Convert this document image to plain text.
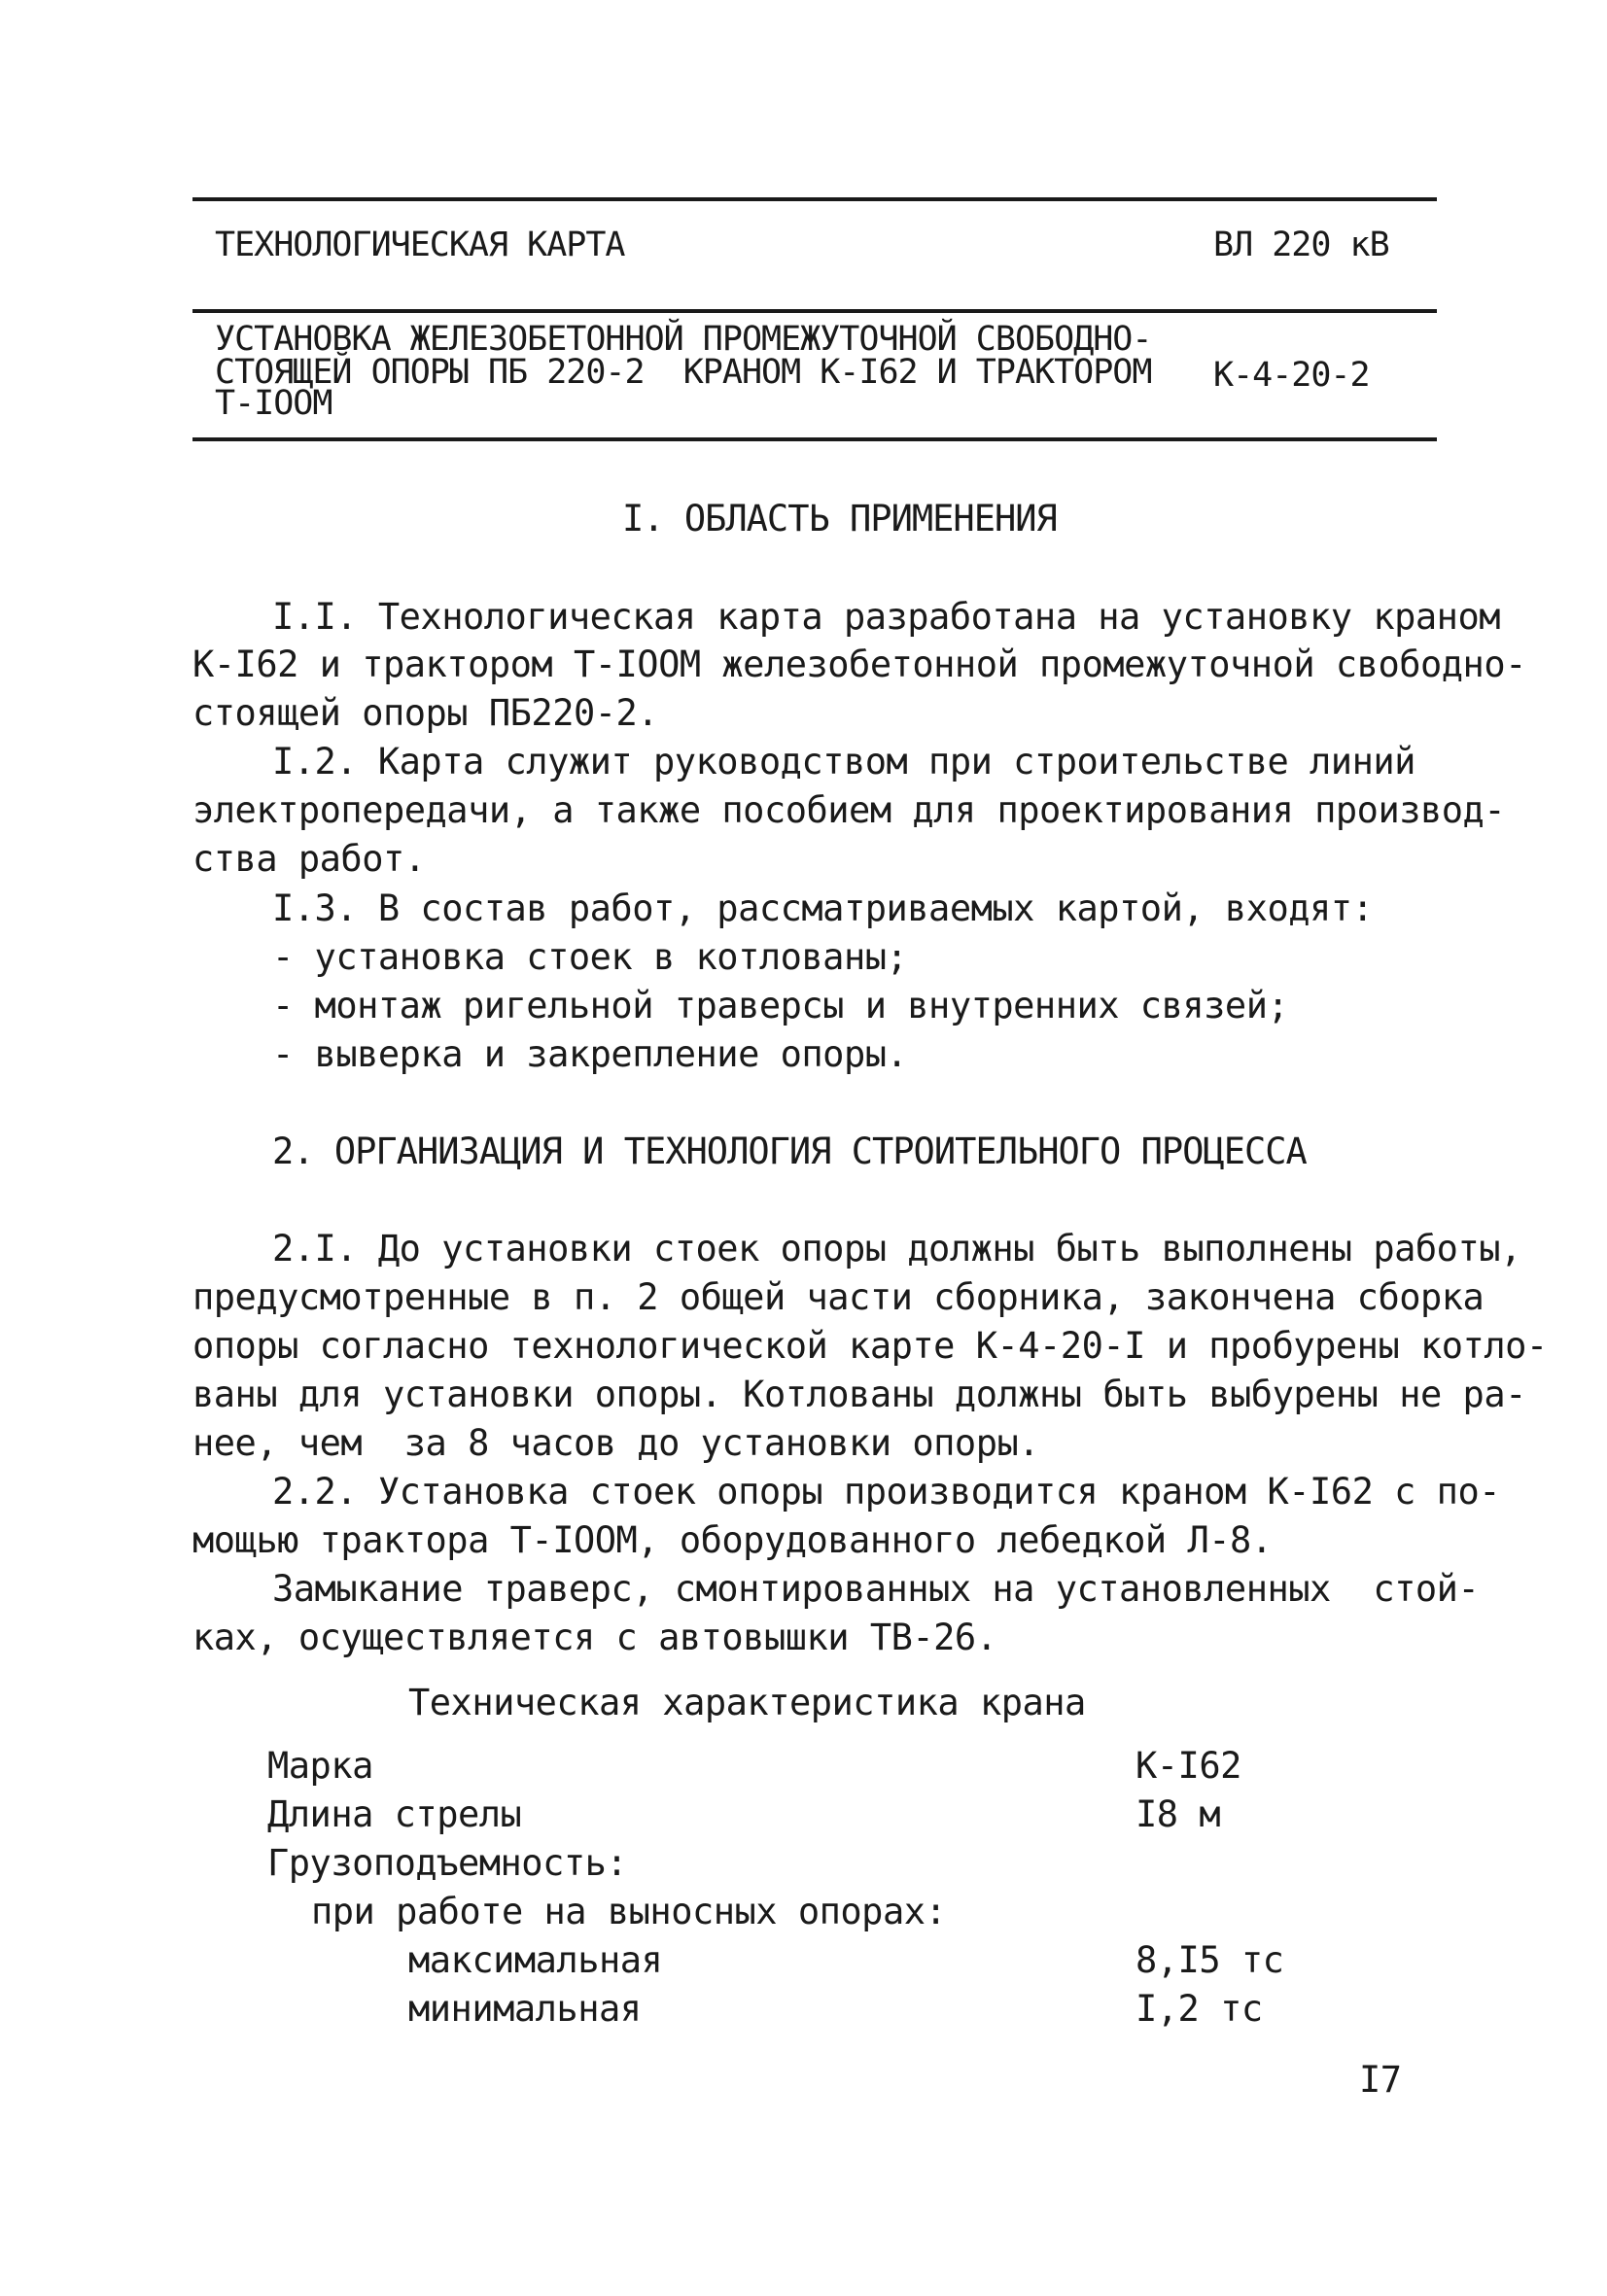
ТЕХНОЛОГИЧЕСКАЯ КАРТА	ВЛ 220 кВ
УСТАНОВКА ЖЕЛЕЗОБЕТОННОЙ ПРОМЕЖУТОЧНОЙ СВОБОДНО-
СТОЯЩЕЙ ОПОРЫ ПБ 220-2  КРАНОМ К-I62 И ТРАКТОРОМ
Т-IООМ
К-4-20-2
I. ОБЛАСТЬ ПРИМЕНЕНИЯ
I.I. Технологическая карта разработана на установку краном
К-I62 и трактором Т-IООМ железобетонной промежуточной свободно-
стоящей опоры ПБ220-2.
I.2. Карта служит руководством при строительстве линий
электропередачи, а также пособием для проектирования производ-
ства работ.
I.3. В состав работ, рассматриваемых картой, входят:
- установка стоек в котлованы;
- монтаж ригельной траверсы и внутренних связей;
- выверка и закрепление опоры.
2. ОРГАНИЗАЦИЯ И ТЕХНОЛОГИЯ СТРОИТЕЛЬНОГО ПРОЦЕССА
2.I. До установки стоек опоры должны быть выполнены работы,
предусмотренные в п. 2 общей части сборника, закончена сборка
опоры согласно технологической карте К-4-20-I и пробурены котло-
ваны для установки опоры. Котлованы должны быть выбурены не ра-
нее, чем  за 8 часов до установки опоры.
2.2. Установка стоек опоры производится краном К-I62 с по-
мощью трактора Т-IООМ, оборудованного лебедкой Л-8.
Замыкание траверс, смонтированных на установленных  стой-
ках, осуществляется с автовышки ТВ-26.
Техническая характеристика крана
Марка	К-I62
Длина стрелы	I8 м
Грузоподъемность:
при работе на выносных опорах:
максимальная	8,I5 тс
минимальная	I,2 тс
I7
